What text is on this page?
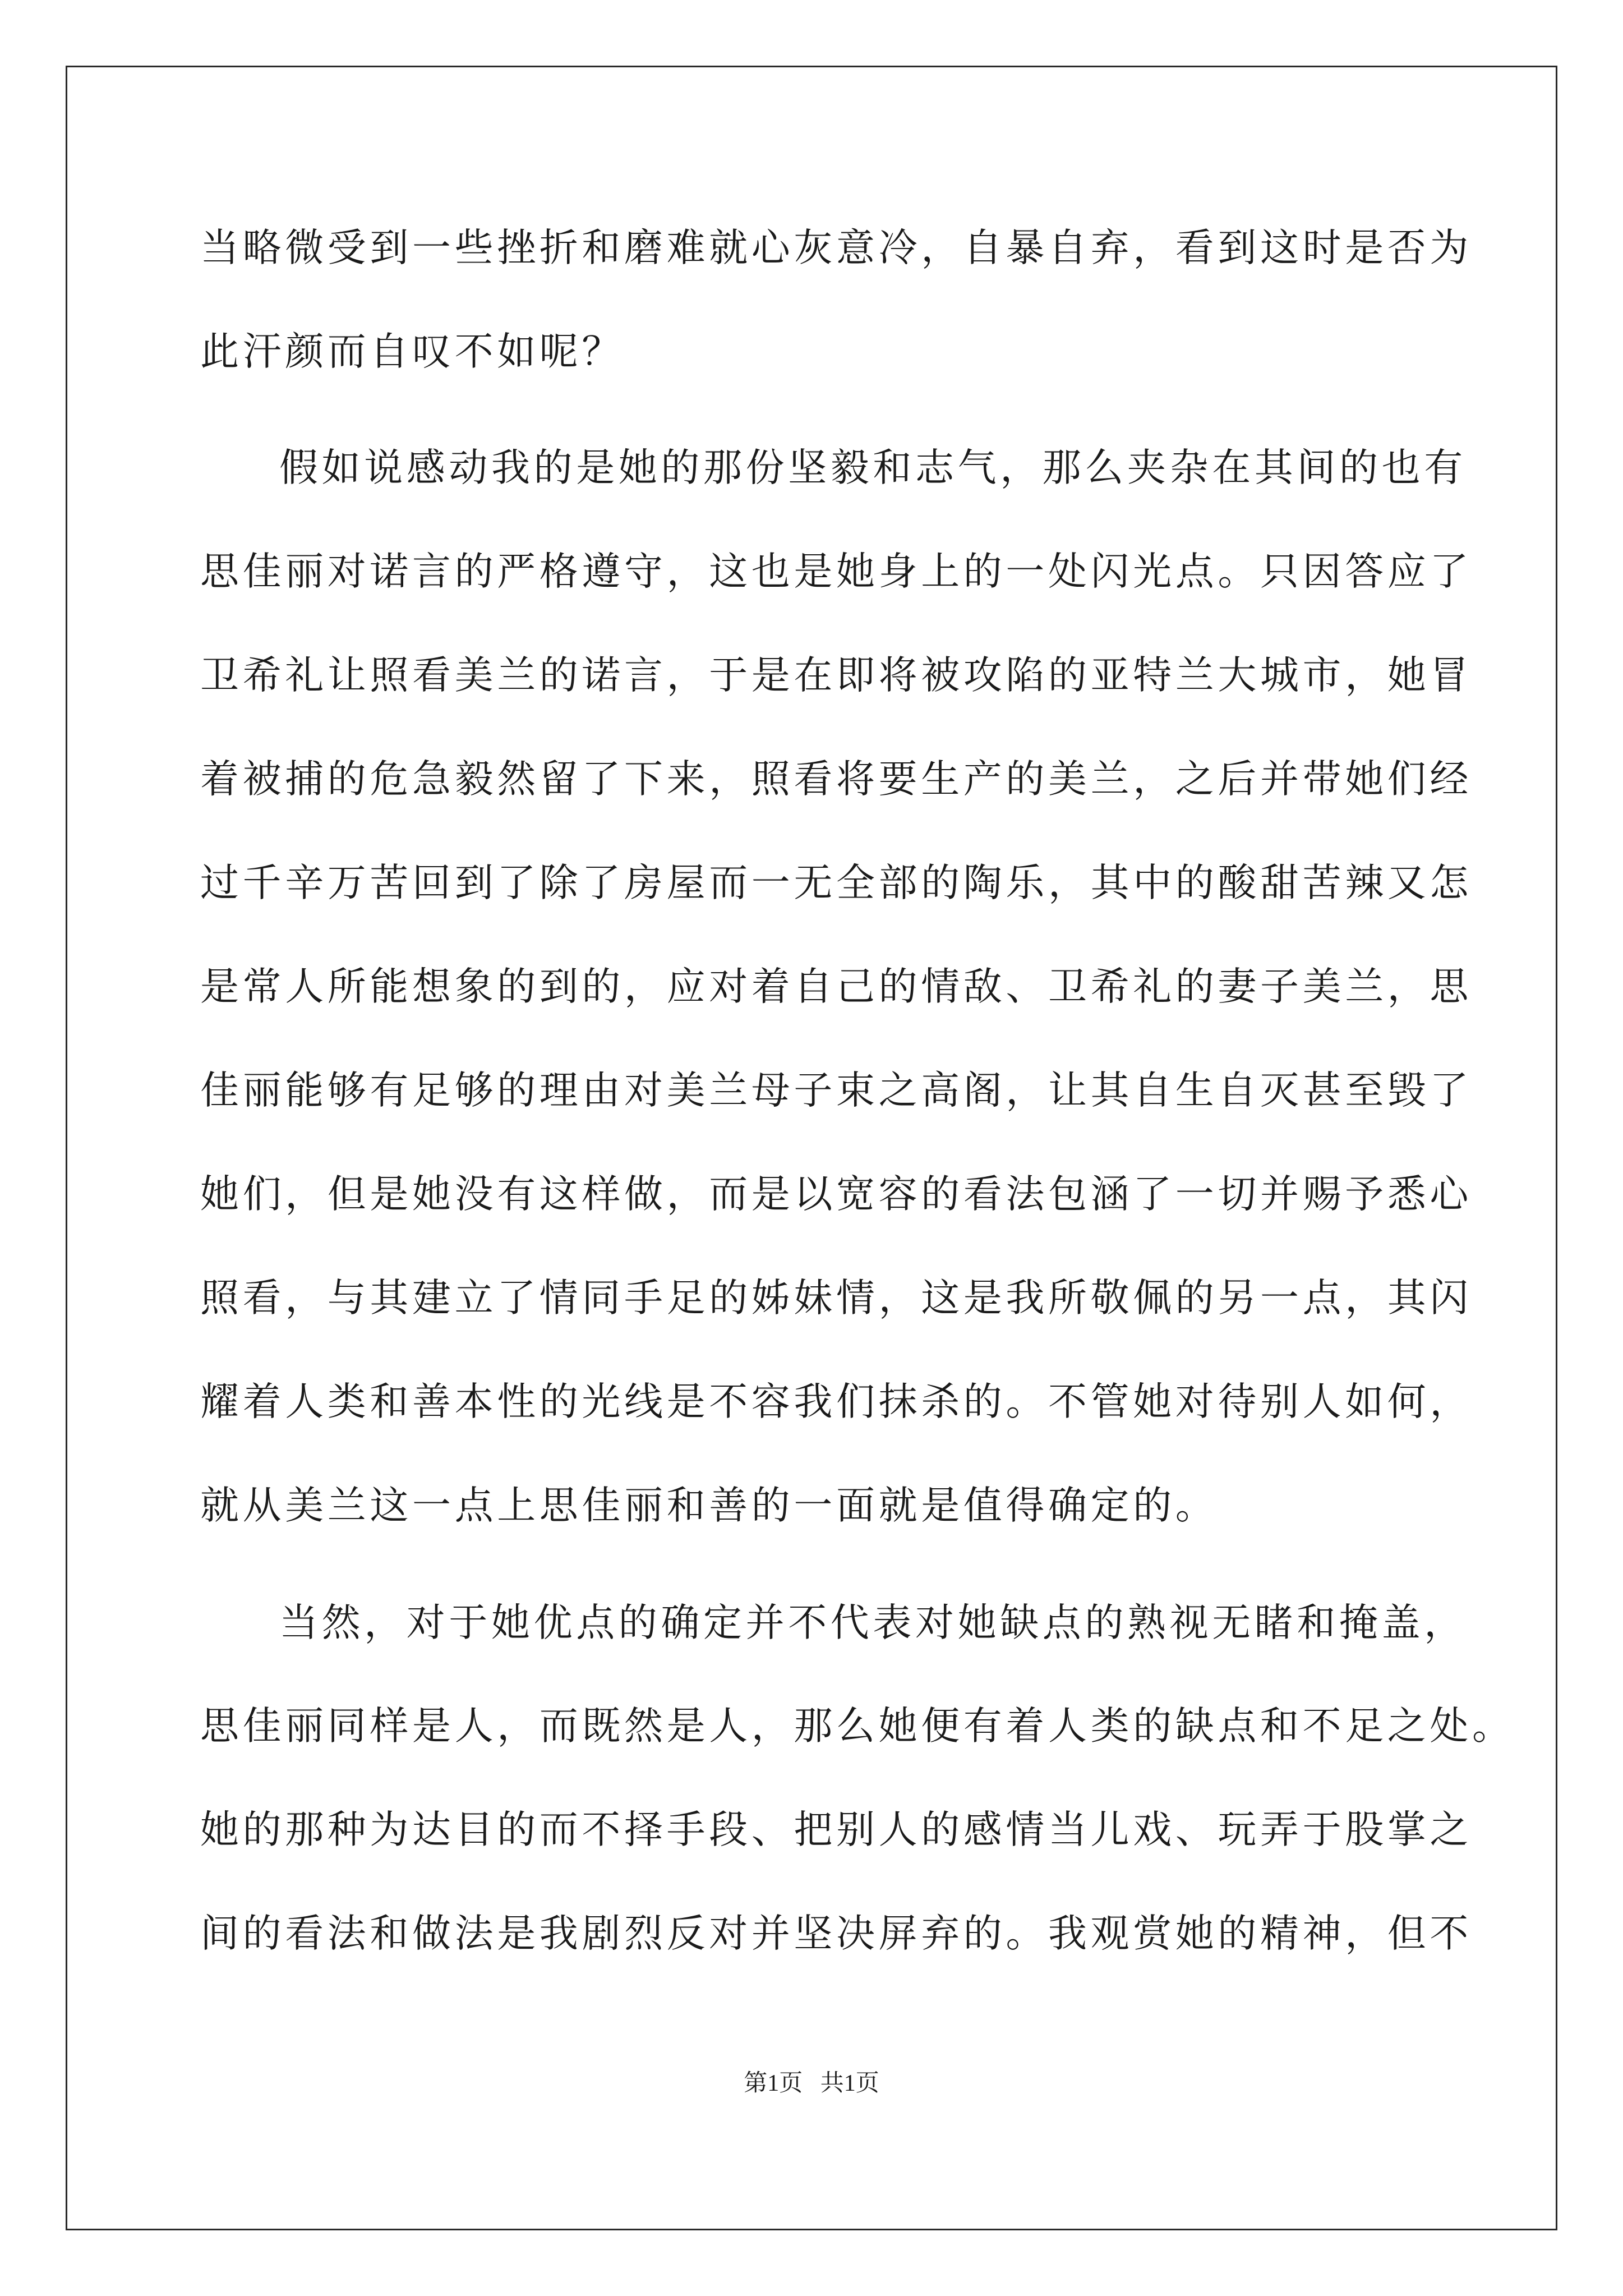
当略微受到一些挫折和磨难就心灰意冷，自暴自弃，看到这时是否为
此汗颜而自叹不如呢？
假如说感动我的是她的那份坚毅和志气，那么夹杂在其间的也有
思佳丽对诺言的严格遵守，这也是她身上的一处闪光点。只因答应了
卫希礼让照看美兰的诺言，于是在即将被攻陷的亚特兰大城市，她冒
着被捕的危急毅然留了下来，照看将要生产的美兰，之后并带她们经
过千辛万苦回到了除了房屋而一无全部的陶乐，其中的酸甜苦辣又怎
是常人所能想象的到的，应对着自己的情敌、卫希礼的妻子美兰，思
佳丽能够有足够的理由对美兰母子束之高阁，让其自生自灭甚至毁了
她们，但是她没有这样做，而是以宽容的看法包涵了一切并赐予悉心
照看，与其建立了情同手足的姊妹情，这是我所敬佩的另一点，其闪
耀着人类和善本性的光线是不容我们抹杀的。不管她对待别人如何，
就从美兰这一点上思佳丽和善的一面就是值得确定的。
当然，对于她优点的确定并不代表对她缺点的熟视无睹和掩盖，
思佳丽同样是人，而既然是人，那么她便有着人类的缺点和不足之处。
她的那种为达目的而不择手段、把别人的感情当儿戏、玩弄于股掌之
间的看法和做法是我剧烈反对并坚决屏弃的。我观赏她的精神，但不
第1页   共1页
